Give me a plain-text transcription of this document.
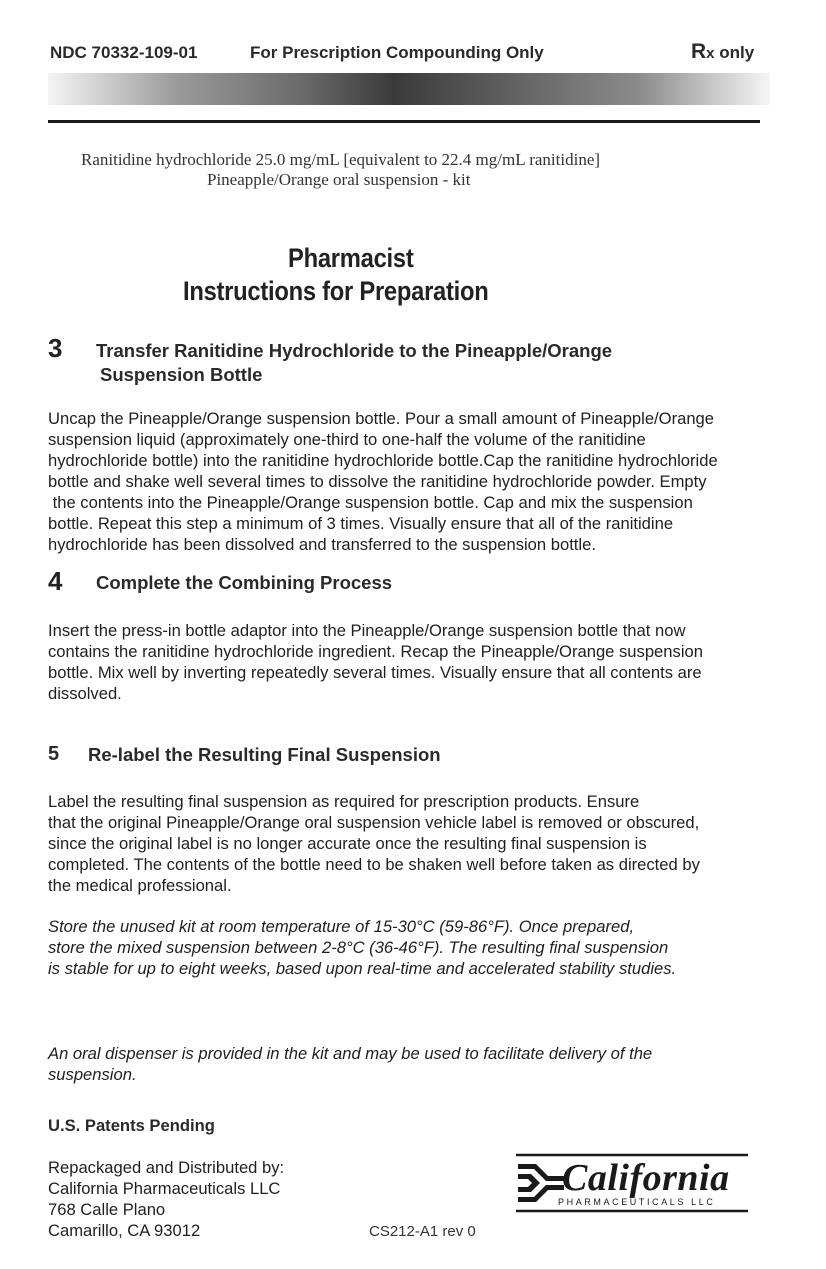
NDC 70332-109-01	For Prescription Compounding Only	Rx only
Ranitidine hydrochloride 25.0 mg/mL [equivalent to 22.4 mg/mL ranitidine]
Pineapple/Orange oral suspension - kit
Pharmacist
Instructions for Preparation
3 Transfer Ranitidine Hydrochloride to the Pineapple/Orange
Suspension Bottle
Uncap the Pineapple/Orange suspension bottle. Pour a small amount of Pineapple/Orange
suspension liquid (approximately one-third to one-half the volume of the ranitidine
hydrochloride bottle) into the ranitidine hydrochloride bottle.Cap the ranitidine hydrochloride
bottle and shake well several times to dissolve the ranitidine hydrochloride powder. Empty
the contents into the Pineapple/Orange suspension bottle. Cap and mix the suspension
bottle. Repeat this step a minimum of 3 times. Visually ensure that all of the ranitidine
hydrochloride has been dissolved and transferred to the suspension bottle.
4 Complete the Combining Process
Insert the press-in bottle adaptor into the Pineapple/Orange suspension bottle that now
contains the ranitidine hydrochloride ingredient. Recap the Pineapple/Orange suspension
bottle. Mix well by inverting repeatedly several times. Visually ensure that all contents are
dissolved.
5 Re-label the Resulting Final Suspension
Label the resulting final suspension as required for prescription products. Ensure
that the original Pineapple/Orange oral suspension vehicle label is removed or obscured,
since the original label is no longer accurate once the resulting final suspension is
completed. The contents of the bottle need to be shaken well before taken as directed by
the medical professional.
Store the unused kit at room temperature of 15-30°C (59-86°F). Once prepared,
store the mixed suspension between 2-8°C (36-46°F). The resulting final suspension
is stable for up to eight weeks, based upon real-time and accelerated stability studies.
An oral dispenser is provided in the kit and may be used to facilitate delivery of the
suspension.
U.S. Patents Pending
Repackaged and Distributed by:
California Pharmaceuticals LLC
768 Calle Plano
Camarillo, CA 93012	CS212-A1 rev 0
California
PHARMACEUTICALS LLC
